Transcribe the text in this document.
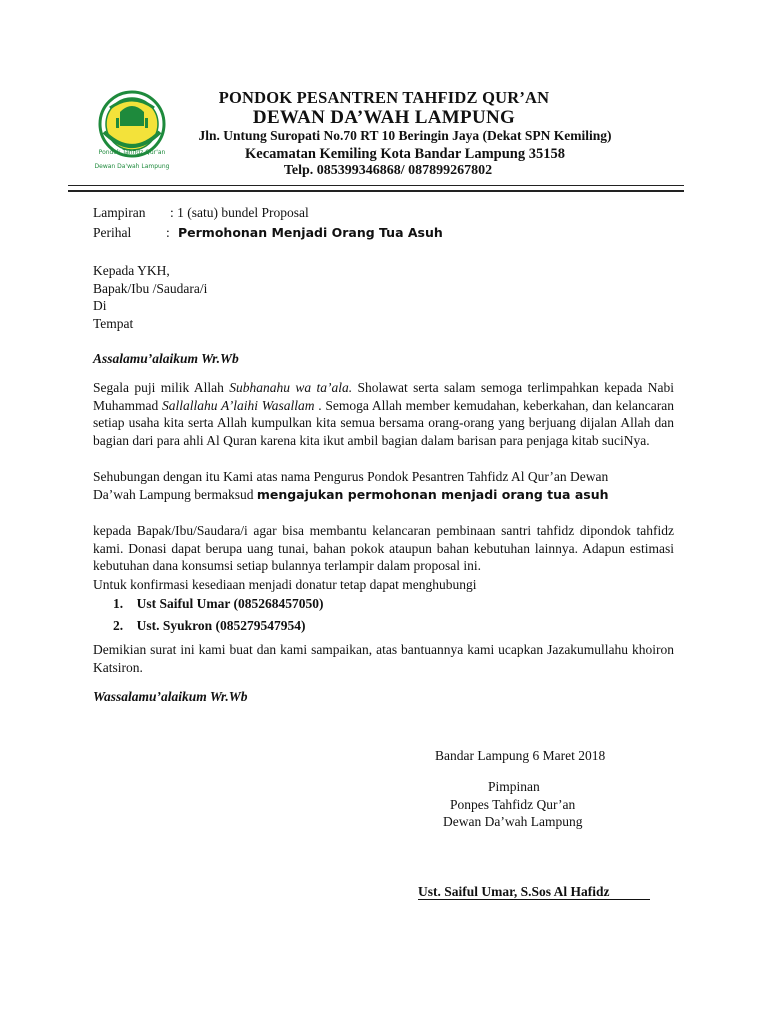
Pondok Tahfidz Qur'an
Dewan Da'wah Lampung
PONDOK PESANTREN TAHFIDZ QUR’AN
DEWAN DA’WAH LAMPUNG
Jln. Untung Suropati No.70 RT 10 Beringin Jaya (Dekat SPN Kemiling)
Kecamatan Kemiling Kota Bandar Lampung 35158
Telp. 085399346868/ 087899267802
Lampiran : 1 (satu) bundel Proposal
Perihal	: Permohonan Menjadi Orang Tua Asuh
Kepada YKH,
Bapak/Ibu /Saudara/i
Di
Tempat
Assalamu’alaikum Wr.Wb
Segala puji milik Allah Subhanahu wa ta’ala. Sholawat serta salam semoga terlimpahkan kepada Nabi Muhammad Sallallahu A’laihi Wasallam . Semoga Allah member kemudahan, keberkahan, dan kelancaran setiap usaha kita serta Allah kumpulkan kita semua bersama orang-orang yang berjuang dijalan Allah dan bagian dari para ahli Al Quran karena kita ikut ambil bagian dalam barisan para penjaga kitab suciNya.
Sehubungan dengan itu Kami atas nama Pengurus Pondok Pesantren Tahfidz Al Qur’an Dewan
Da’wah Lampung bermaksud mengajukan permohonan menjadi orang tua asuh
kepada Bapak/Ibu/Saudara/i agar bisa membantu kelancaran pembinaan santri tahfidz dipondok tahfidz kami. Donasi dapat berupa uang tunai, bahan pokok ataupun bahan kebutuhan lainnya. Adapun estimasi kebutuhan dana konsumsi setiap bulannya terlampir dalam proposal ini.
Untuk konfirmasi kesediaan menjadi donatur tetap dapat menghubungi
1. Ust Saiful Umar (085268457050)
2. Ust. Syukron (085279547954)
Demikian surat ini kami buat dan kami sampaikan, atas bantuannya kami ucapkan Jazakumullahu khoiron Katsiron.
Wassalamu’alaikum Wr.Wb
Bandar Lampung 6 Maret 2018
Pimpinan
Ponpes Tahfidz Qur’an
Dewan Da’wah Lampung
Ust. Saiful Umar, S.Sos Al Hafidz
